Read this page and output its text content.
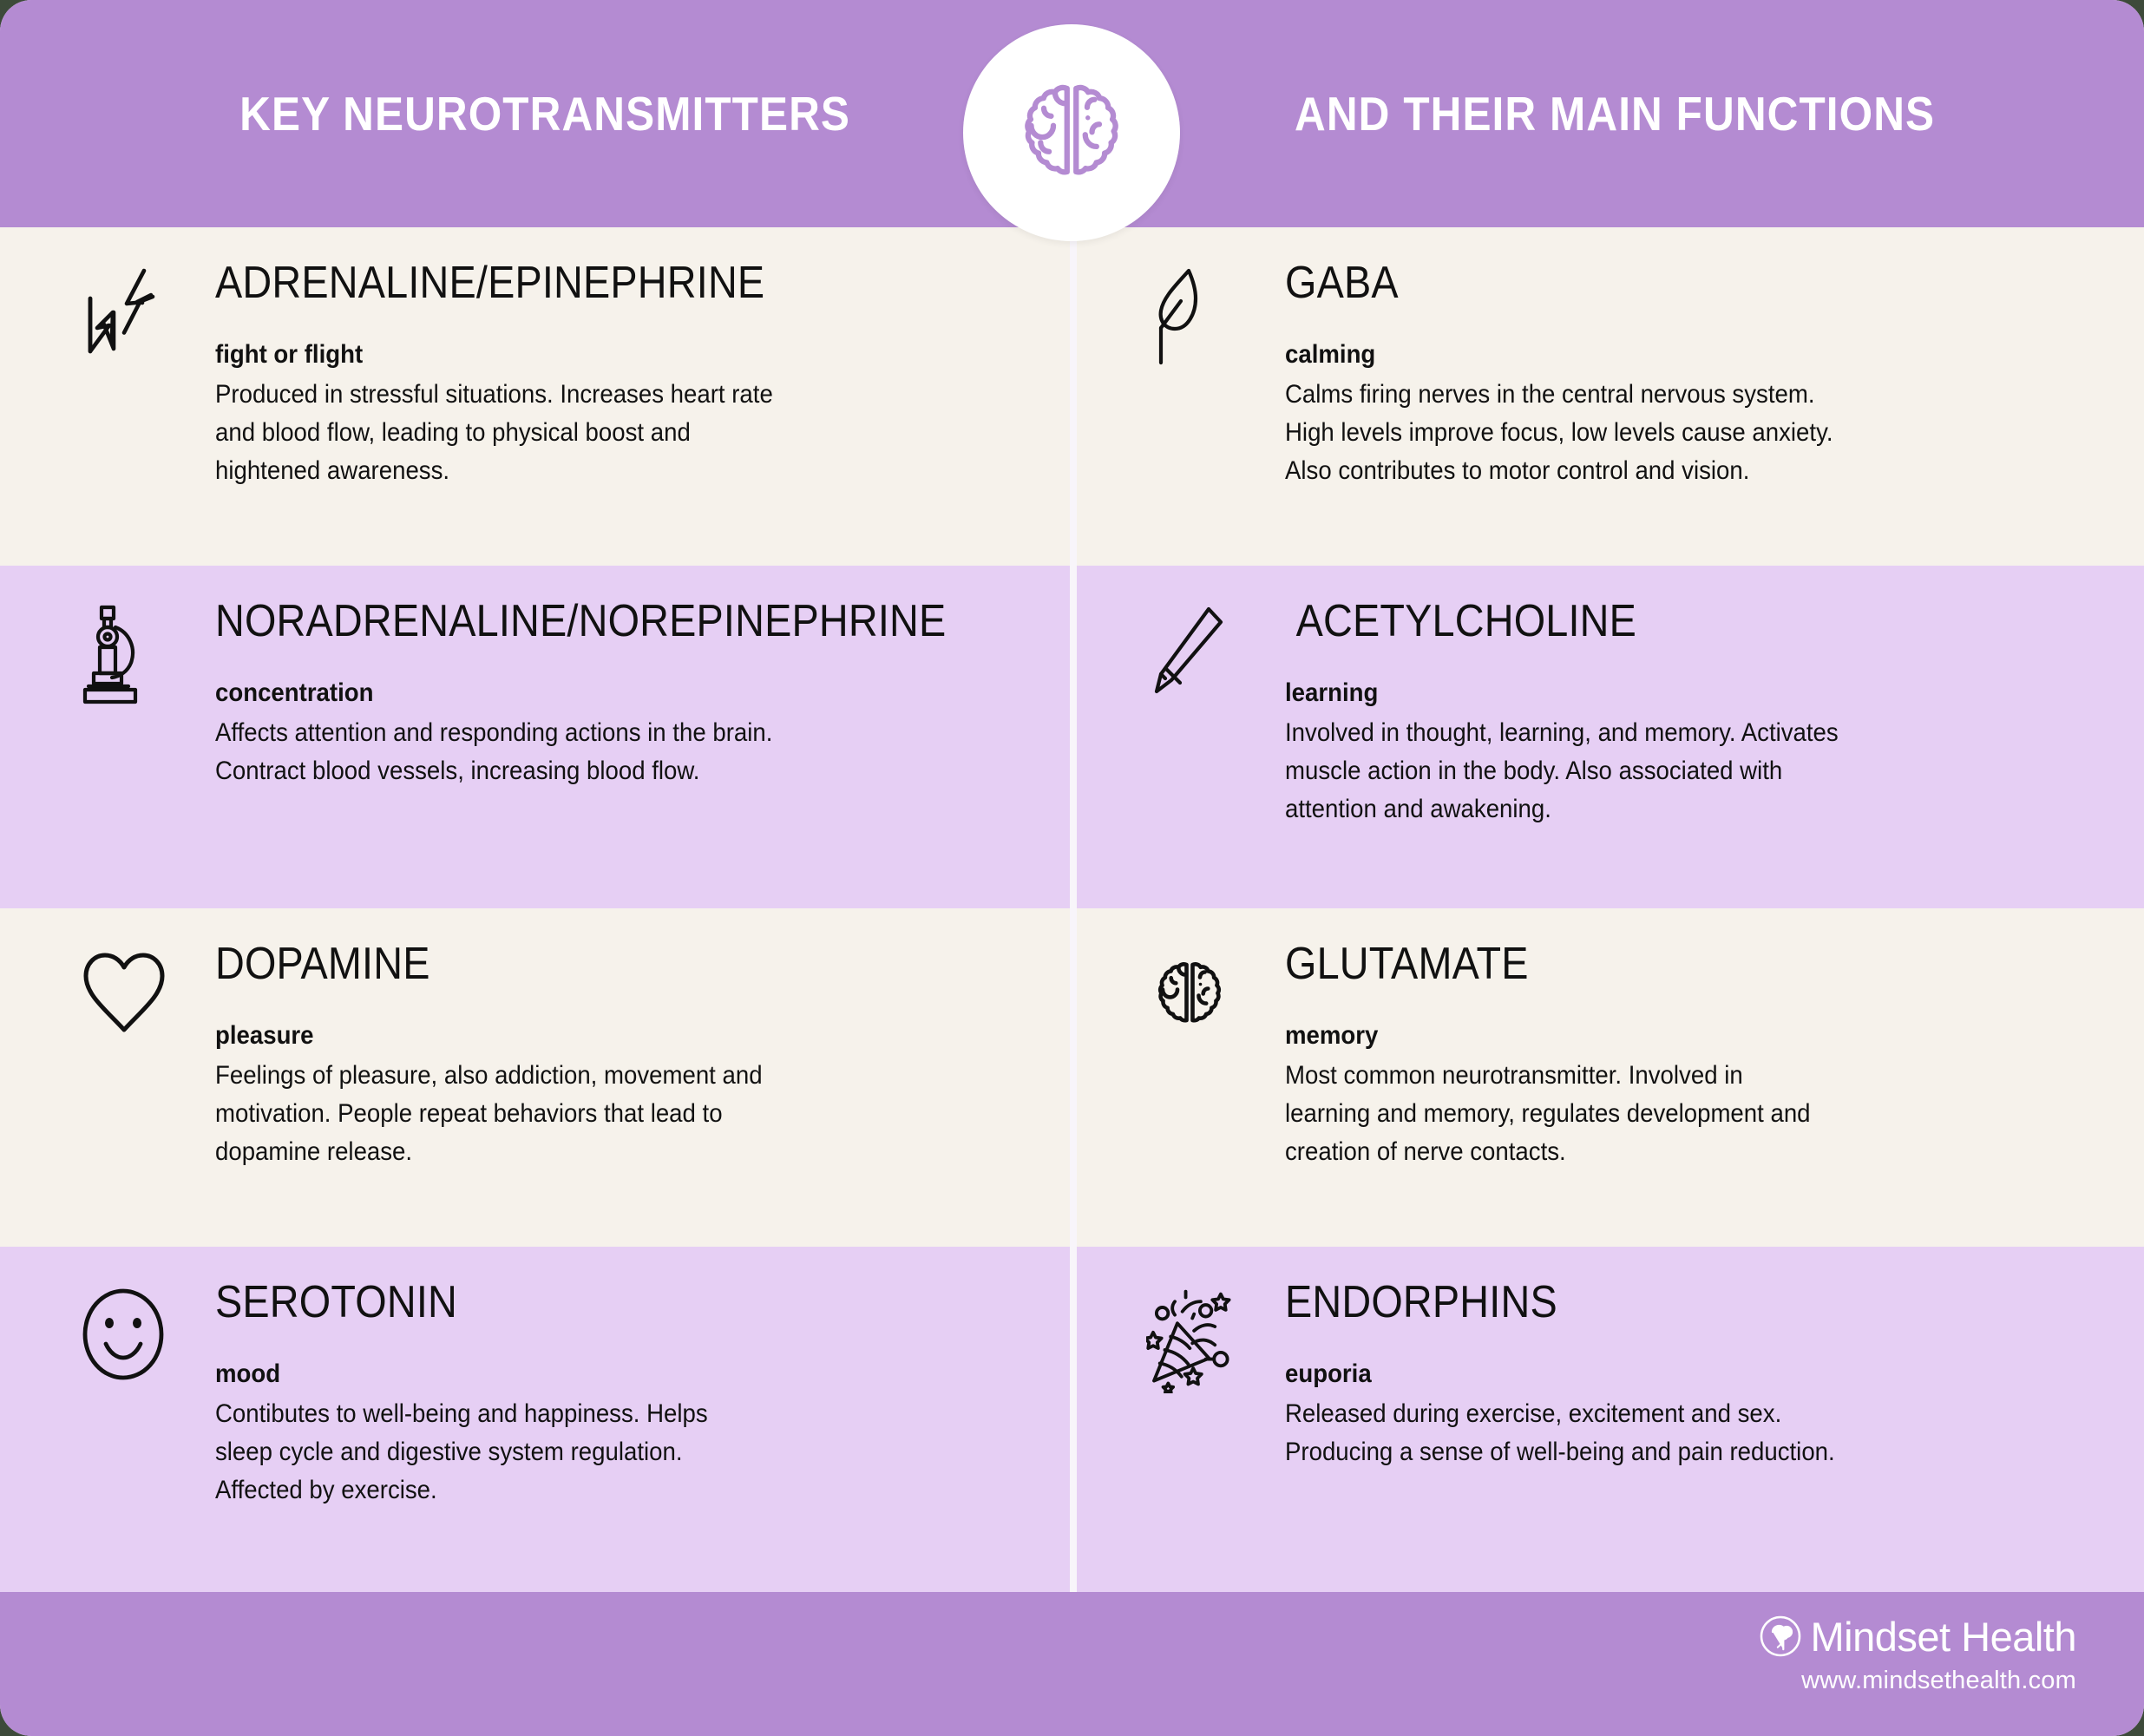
KEY NEUROTRANSMITTERS	AND THEIR MAIN FUNCTIONS
ADRENALINE/EPINEPHRINE
fight or flight
Produced in stressful situations. Increases heart rate
and blood flow, leading to physical boost and
hightened awareness.
GABA
calming
Calms firing nerves in the central nervous system.
High levels improve focus, low levels cause anxiety.
Also contributes to motor control and vision.
NORADRENALINE/NOREPINEPHRINE
concentration
Affects attention and responding actions in the brain.
Contract blood vessels, increasing blood flow.
ACETYLCHOLINE
learning
Involved in thought, learning, and memory. Activates
muscle action in the body. Also associated with
attention and awakening.
DOPAMINE
pleasure
Feelings of pleasure, also addiction, movement and
motivation. People repeat behaviors that lead to
dopamine release.
GLUTAMATE
memory
Most common neurotransmitter. Involved in
learning and memory, regulates development and
creation of nerve contacts.
SEROTONIN
mood
Contibutes to well-being and happiness. Helps
sleep cycle and digestive system regulation.
Affected by exercise.
ENDORPHINS
euporia
Released during exercise, excitement and sex.
Producing a sense of well-being and pain reduction.
Mindset Health
www.mindsethealth.com
